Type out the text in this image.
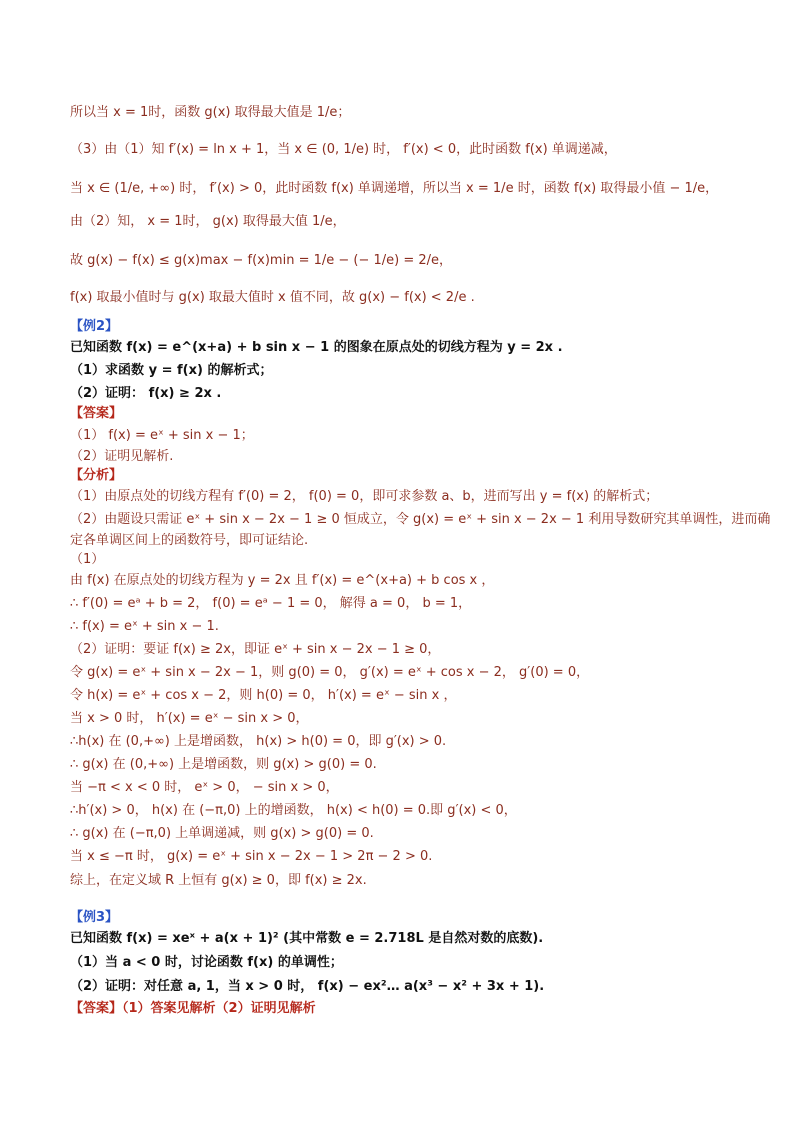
所以当 x = 1时，函数 g(x) 取得最大值是 1/e；
（3）由（1）知 f′(x) = ln x + 1，当 x ∈ (0, 1/e) 时， f′(x) < 0，此时函数 f(x) 单调递减，
当 x ∈ (1/e, +∞) 时， f′(x) > 0，此时函数 f(x) 单调递增，所以当 x = 1/e 时，函数 f(x) 取得最小值 − 1/e，
由（2）知， x = 1时， g(x) 取得最大值 1/e，
故 g(x) − f(x) ≤ g(x)max − f(x)min = 1/e − (− 1/e) = 2/e，
f(x) 取最小值时与 g(x) 取最大值时 x 值不同，故 g(x) − f(x) < 2/e .
【例2】
已知函数 f(x) = e^(x+a) + b sin x − 1 的图象在原点处的切线方程为 y = 2x .
（1）求函数 y = f(x) 的解析式；
（2）证明： f(x) ≥ 2x .
【答案】
（1） f(x) = eˣ + sin x − 1；
（2）证明见解析.
【分析】
（1）由原点处的切线方程有 f′(0) = 2， f(0) = 0，即可求参数 a、b，进而写出 y = f(x) 的解析式；
（2）由题设只需证 eˣ + sin x − 2x − 1 ≥ 0 恒成立，令 g(x) = eˣ + sin x − 2x − 1 利用导数研究其单调性，进而确
定各单调区间上的函数符号，即可证结论.
（1）
由 f(x) 在原点处的切线方程为 y = 2x 且 f′(x) = e^(x+a) + b cos x ，
∴ f′(0) = eᵃ + b = 2， f(0) = eᵃ − 1 = 0， 解得 a = 0， b = 1，
∴ f(x) = eˣ + sin x − 1.
（2）证明：要证 f(x) ≥ 2x，即证 eˣ + sin x − 2x − 1 ≥ 0，
令 g(x) = eˣ + sin x − 2x − 1，则 g(0) = 0， g′(x) = eˣ + cos x − 2， g′(0) = 0，
令 h(x) = eˣ + cos x − 2，则 h(0) = 0， h′(x) = eˣ − sin x ，
当 x > 0 时， h′(x) = eˣ − sin x > 0，
∴h(x) 在 (0,+∞) 上是增函数， h(x) > h(0) = 0，即 g′(x) > 0.
∴ g(x) 在 (0,+∞) 上是增函数，则 g(x) > g(0) = 0.
当 −π < x < 0 时， eˣ > 0， − sin x > 0，
∴h′(x) > 0， h(x) 在 (−π,0) 上的增函数， h(x) < h(0) = 0.即 g′(x) < 0，
∴ g(x) 在 (−π,0) 上单调递减，则 g(x) > g(0) = 0.
当 x ≤ −π 时， g(x) = eˣ + sin x − 2x − 1 > 2π − 2 > 0.
综上，在定义域 R 上恒有 g(x) ≥ 0，即 f(x) ≥ 2x.
【例3】
已知函数 f(x) = xeˣ + a(x + 1)² (其中常数 e = 2.718L 是自然对数的底数).
（1）当 a < 0 时，讨论函数 f(x) 的单调性；
（2）证明：对任意 a, 1，当 x > 0 时， f(x) − ex²… a(x³ − x² + 3x + 1).
【答案】（1）答案见解析（2）证明见解析
